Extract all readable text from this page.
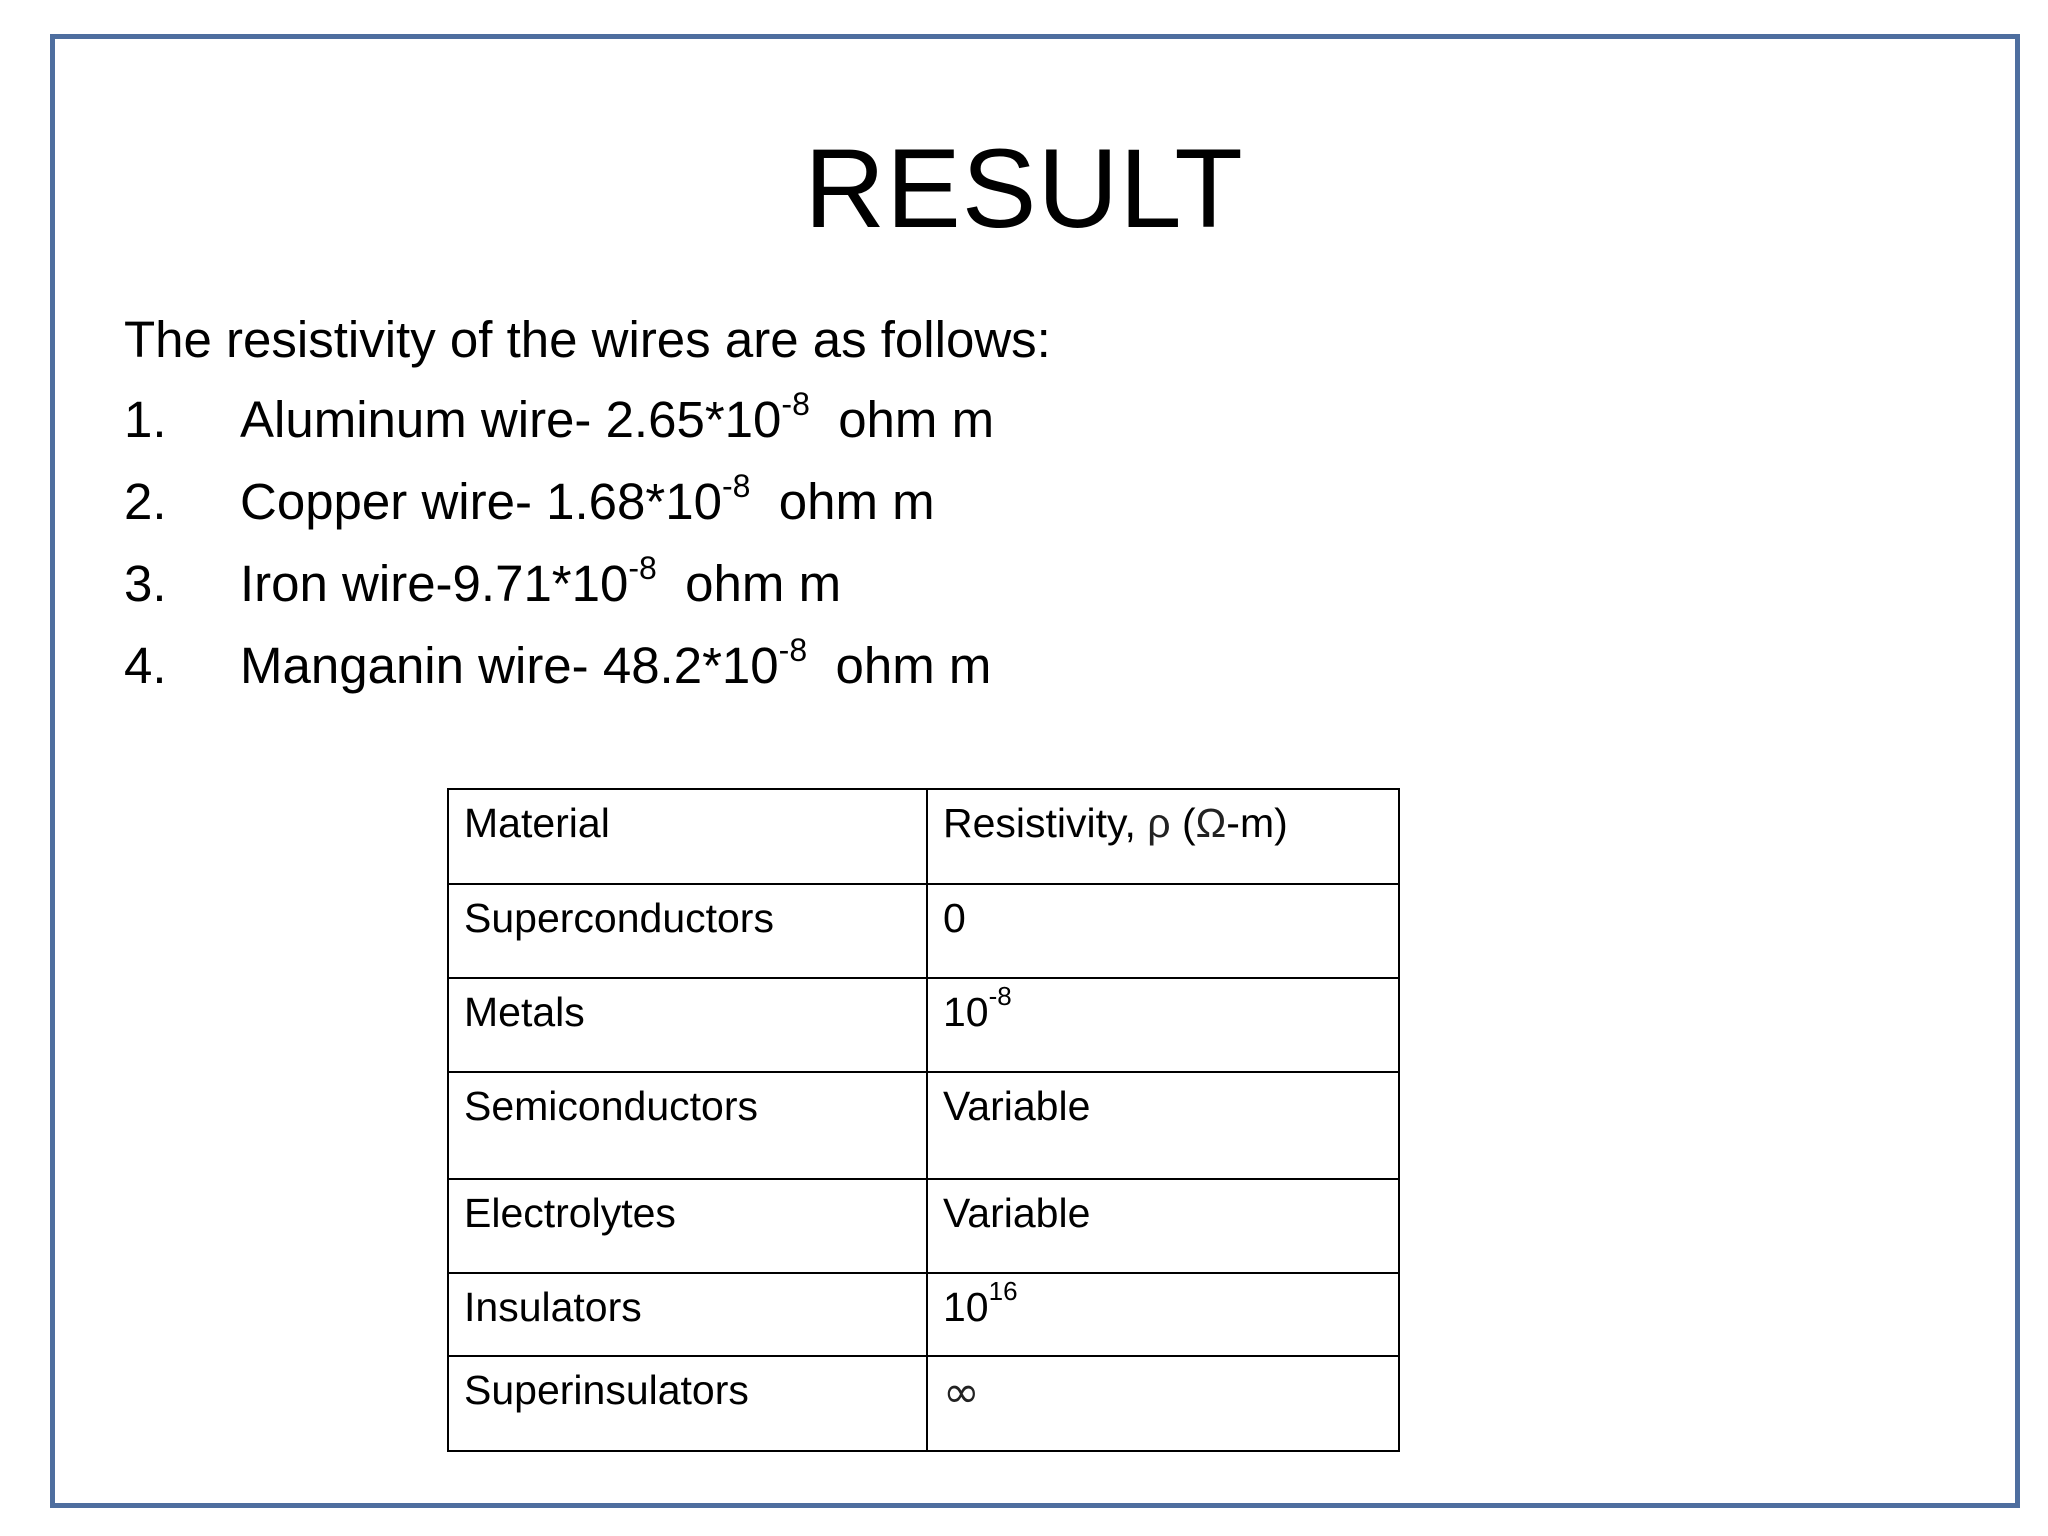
RESULT
The resistivity of the wires are as follows:
1. Aluminum wire- $2.65*10^{-8}$  ohm m
2. Copper wire- $1.68*10^{-8}$  ohm m
3. Iron wire-$9.71*10^{-8}$  ohm m
4. Manganin wire- $48.2*10^{-8}$  ohm m
Material	Resistivity, ρ (Ω-m)
Superconductors	0
Metals	$10^{-8}$
Semiconductors	Variable
Electrolytes	Variable
Insulators	$10^{16}$
Superinsulators	∞
